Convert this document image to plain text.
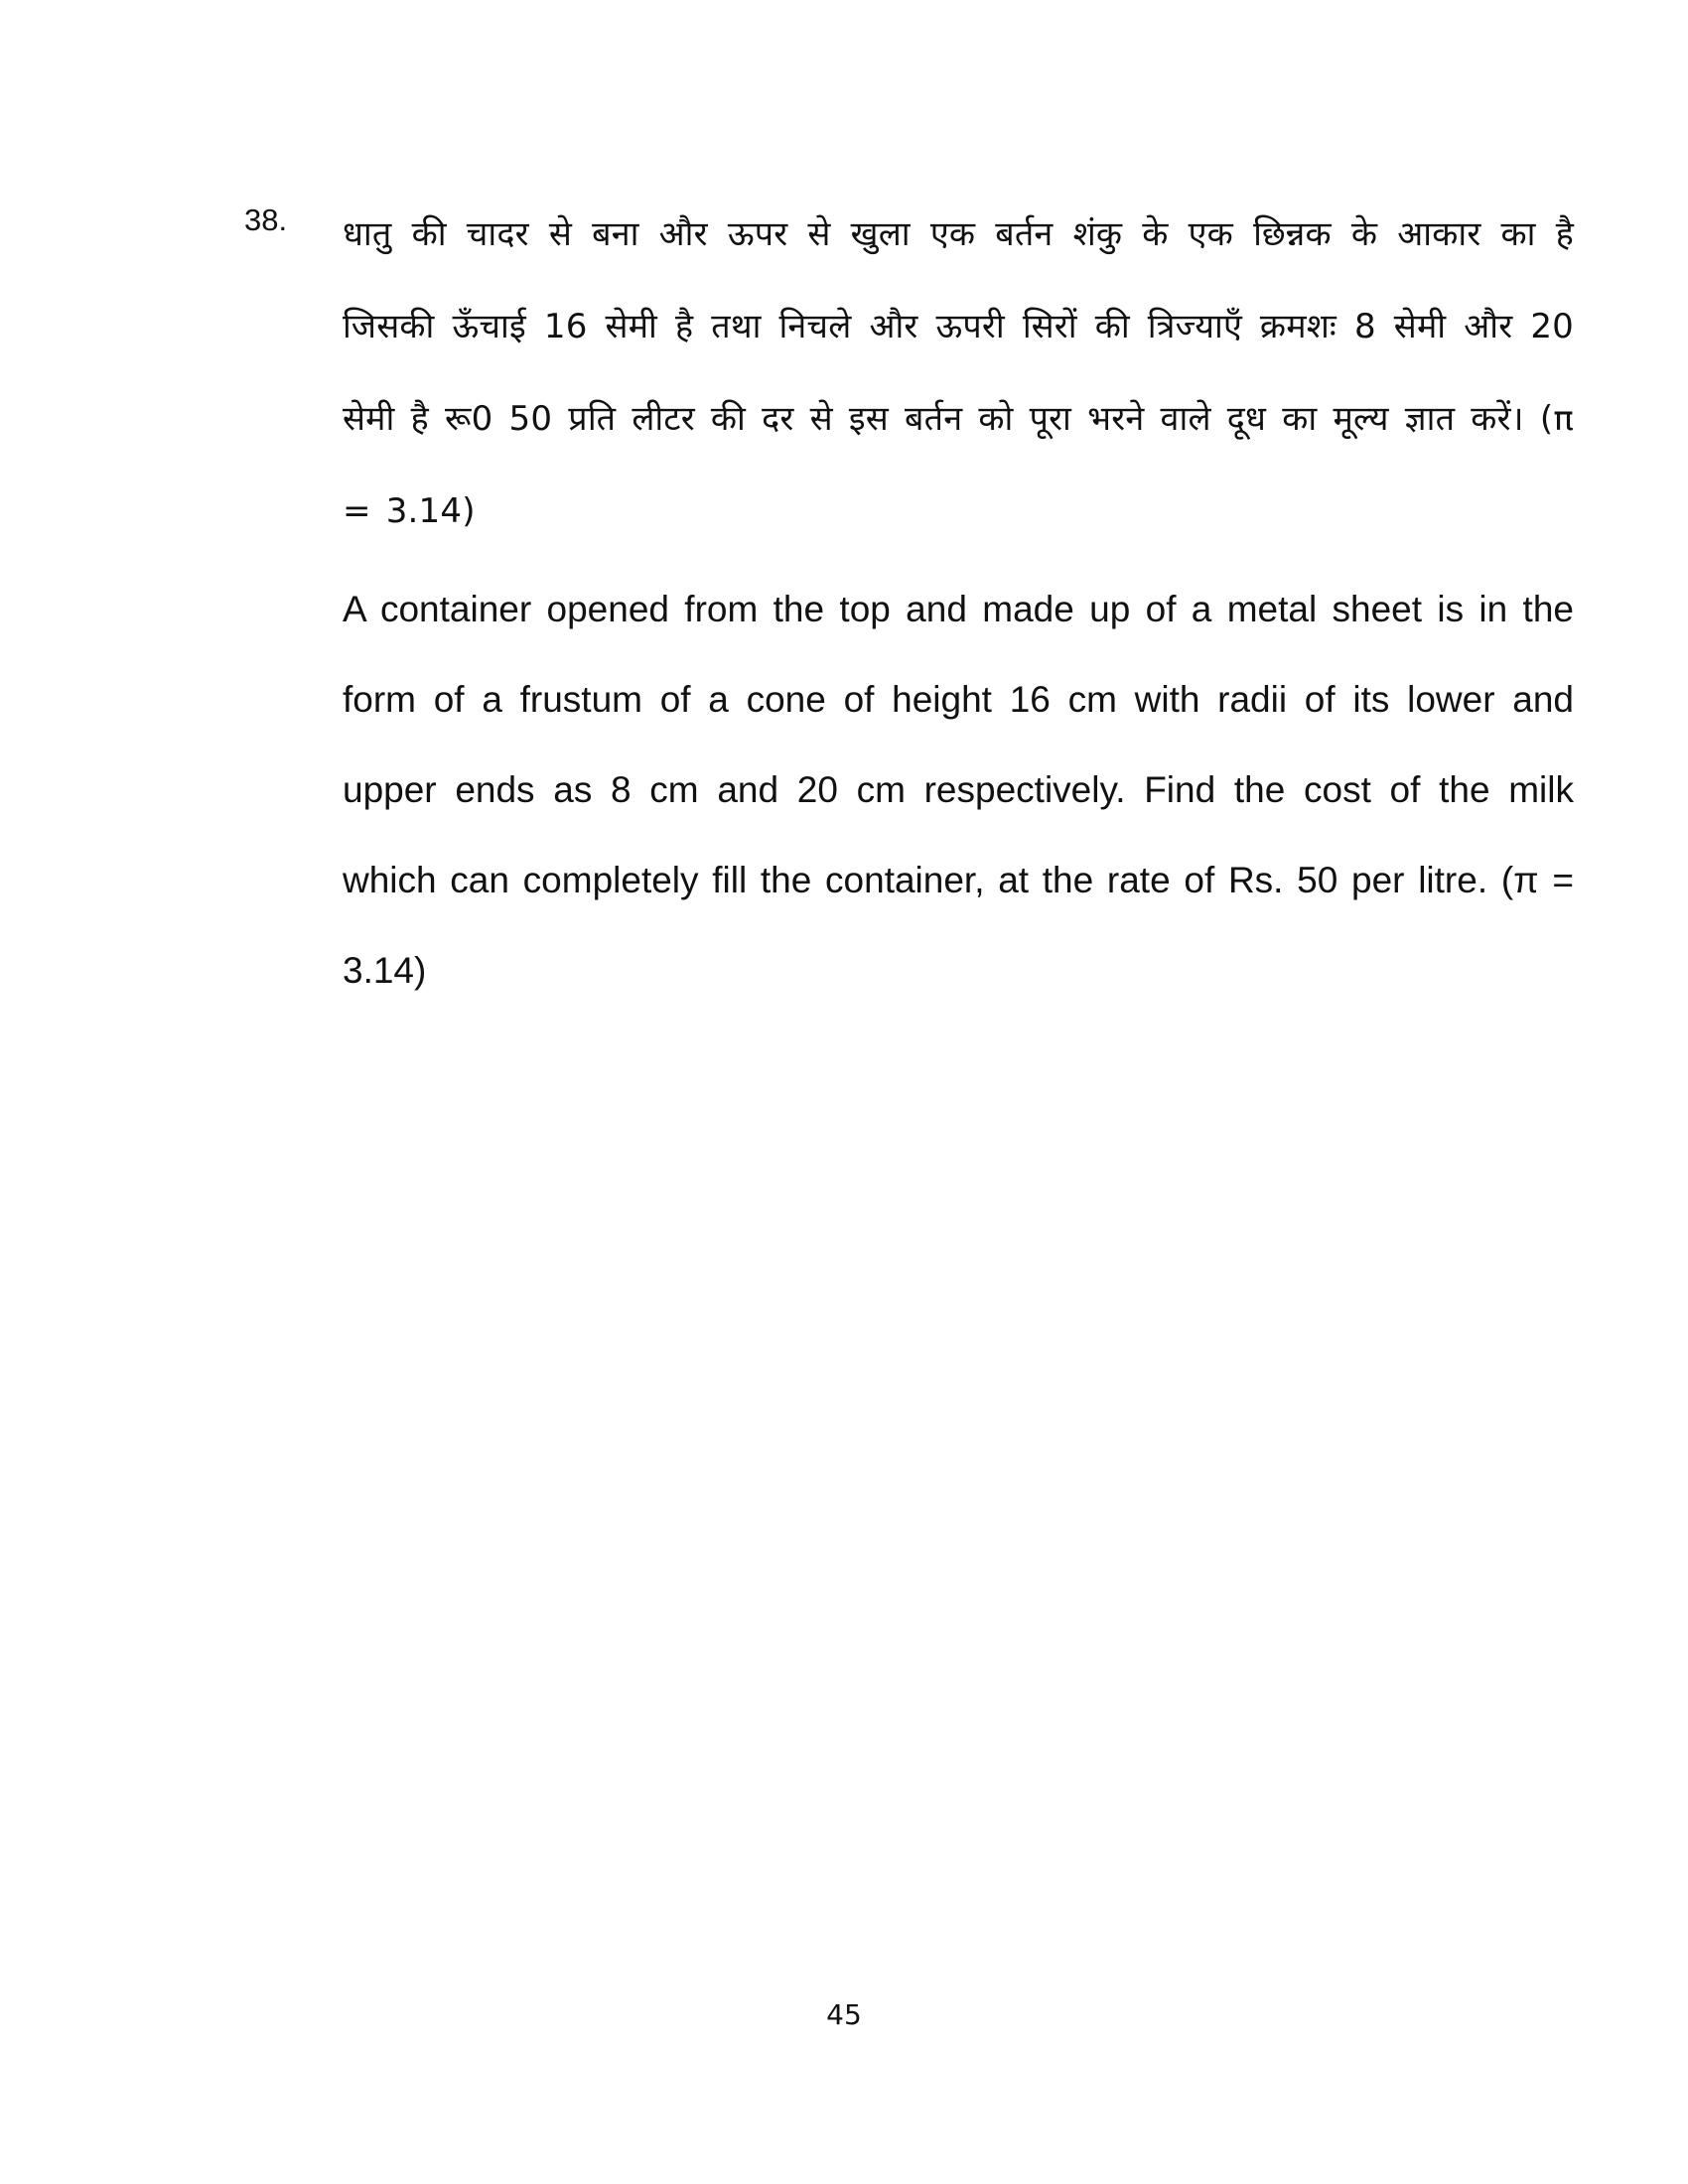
38. धातु की चादर से बना और ऊपर से खुला एक बर्तन शंकु के एक छिन्नक के आकार का है जिसकी ऊँचाई 16 सेमी है तथा निचले और ऊपरी सिरों की त्रिज्याएँ क्रमशः 8 सेमी और 20 सेमी है रू0 50 प्रति लीटर की दर से इस बर्तन को पूरा भरने वाले दूध का मूल्य ज्ञात करें। (π = 3.14)

A container opened from the top and made up of a metal sheet is in the form of a frustum of a cone of height 16 cm with radii of its lower and upper ends as 8 cm and 20 cm respectively. Find the cost of the milk which can completely fill the container, at the rate of Rs. 50 per litre. (π = 3.14)

45
